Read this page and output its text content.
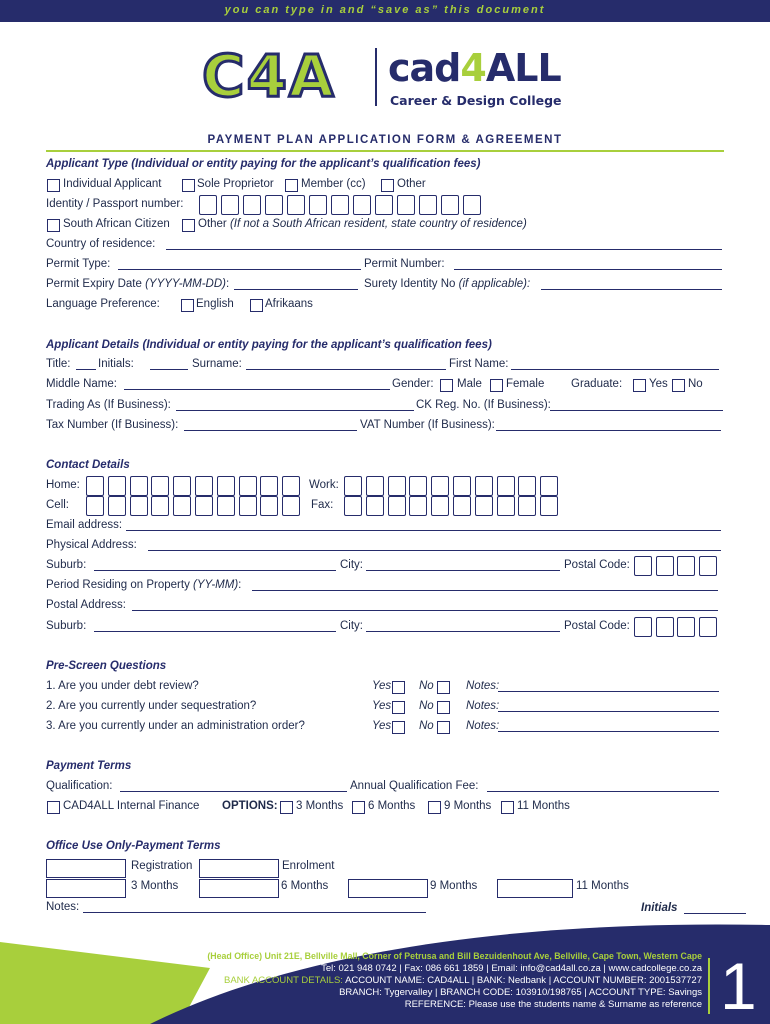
you can type in and “save as” this document
C4A cad4ALL
Career & Design College
PAYMENT PLAN APPLICATION FORM & AGREEMENT
Applicant Type (Individual or entity paying for the applicant’s qualification fees)
Individual Applicant	Sole Proprietor Member (cc)	Other
Identity / Passport number:
South African Citizen Other (If not a South African resident, state country of residence)
Country of residence:
Permit Type:	Permit Number:
Permit Expiry Date (YYYY-MM-DD):	Surety Identity No (if applicable):
Language Preference:	English	Afrikaans
Applicant Details (Individual or entity paying for the applicant’s qualification fees)
Title: Initials:	Surname:	First Name:
Middle Name:	Gender: Male Female Graduate: Yes No
Trading As (If Business):	CK Reg. No. (If Business):
Tax Number (If Business):	VAT Number (If Business):
Contact Details
Home:	Work:
Cell:	Fax:
Email address:
Physical Address:
Suburb:	City:	Postal Code:
Period Residing on Property (YY-MM):
Postal Address:
Suburb:	City:	Postal Code:
Pre-Screen Questions
1. Are you under debt review?	Yes No	Notes:
2. Are you currently under sequestration?	Yes No	Notes:
3. Are you currently under an administration order?	Yes No	Notes:
Payment Terms
Qualification:	Annual Qualification Fee:
CAD4ALL Internal Finance OPTIONS: 3 Months 6 Months 9 Months 11 Months
Office Use Only-Payment Terms
Registration	Enrolment
3 Months	6 Months	9 Months	11 Months
Notes:	Initials
(Head Office) Unit 21E, Bellville Mall, Corner of Petrusa and Bill Bezuidenhout Ave, Bellville, Cape Town, Western Cape
Tel: 021 948 0742 | Fax: 086 661 1859 | Email: info@cad4all.co.za | www.cadcollege.co.za
BANK ACCOUNT DETAILS: ACCOUNT NAME: CAD4ALL | BANK: Nedbank | ACCOUNT NUMBER: 2001537727
BRANCH: Tygervalley | BRANCH CODE: 103910/198765 | ACCOUNT TYPE: Savings
REFERENCE: Please use the students name & Surname as reference 1
